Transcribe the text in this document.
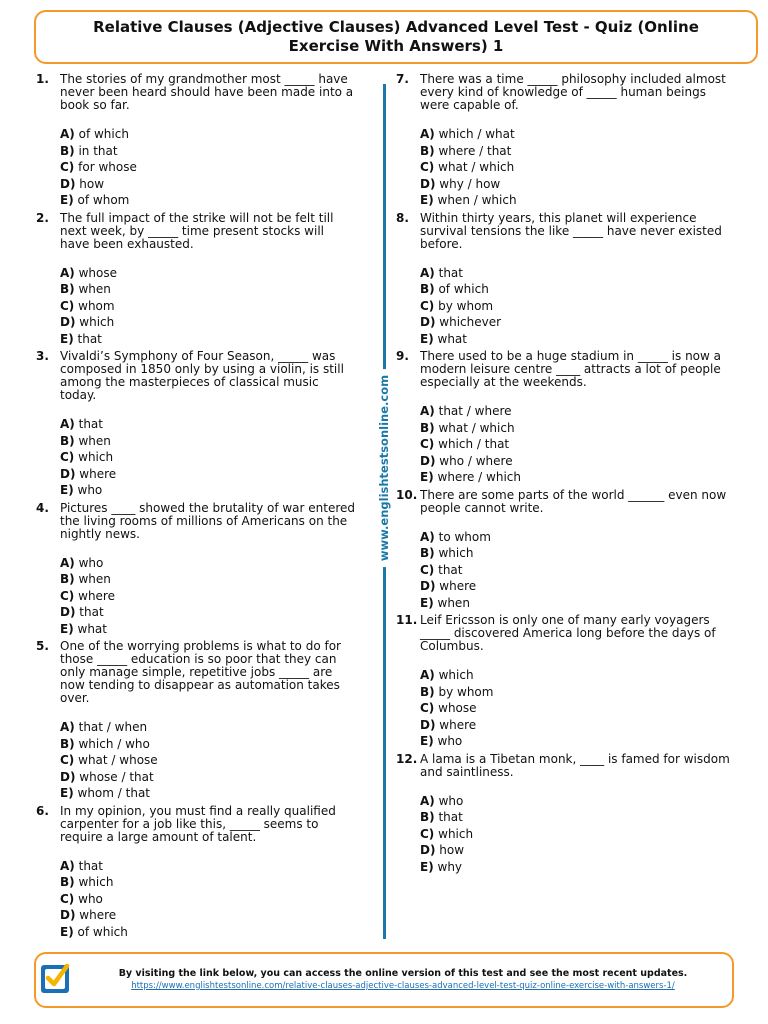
Relative Clauses (Adjective Clauses) Advanced Level Test - Quiz (Online Exercise With Answers) 1
1. The stories of my grandmother most _____ have never been heard should have been made into a book so far.
A) of which
B) in that
C) for whose
D) how
E) of whom
2. The full impact of the strike will not be felt till next week, by _____ time present stocks will have been exhausted.
A) whose
B) when
C) whom
D) which
E) that
3. Vivaldi’s Symphony of Four Season, _____ was composed in 1850 only by using a violin, is still among the masterpieces of classical music today.
A) that
B) when
C) which
D) where
E) who
4. Pictures ____ showed the brutality of war entered the living rooms of millions of Americans on the nightly news.
A) who
B) when
C) where
D) that
E) what
5. One of the worrying problems is what to do for those _____ education is so poor that they can only manage simple, repetitive jobs _____ are now tending to disappear as automation takes over.
A) that / when
B) which / who
C) what / whose
D) whose / that
E) whom / that
6. In my opinion, you must find a really qualified carpenter for a job like this, _____ seems to require a large amount of talent.
A) that
B) which
C) who
D) where
E) of which
www.englishtestsonline.com
7. There was a time _____ philosophy included almost every kind of knowledge of _____ human beings were capable of.
A) which / what
B) where / that
C) what / which
D) why / how
E) when / which
8. Within thirty years, this planet will experience survival tensions the like _____ have never existed before.
A) that
B) of which
C) by whom
D) whichever
E) what
9. There used to be a huge stadium in _____ is now a modern leisure centre ____ attracts a lot of people especially at the weekends.
A) that / where
B) what / which
C) which / that
D) who / where
E) where / which
10. There are some parts of the world ______ even now people cannot write.
A) to whom
B) which
C) that
D) where
E) when
11. Leif Ericsson is only one of many early voyagers _____ discovered America long before the days of Columbus.
A) which
B) by whom
C) whose
D) where
E) who
12. A lama is a Tibetan monk, ____ is famed for wisdom and saintliness.
A) who
B) that
C) which
D) how
E) why
By visiting the link below, you can access the online version of this test and see the most recent updates.
https://www.englishtestsonline.com/relative-clauses-adjective-clauses-advanced-level-test-quiz-online-exercise-with-answers-1/
